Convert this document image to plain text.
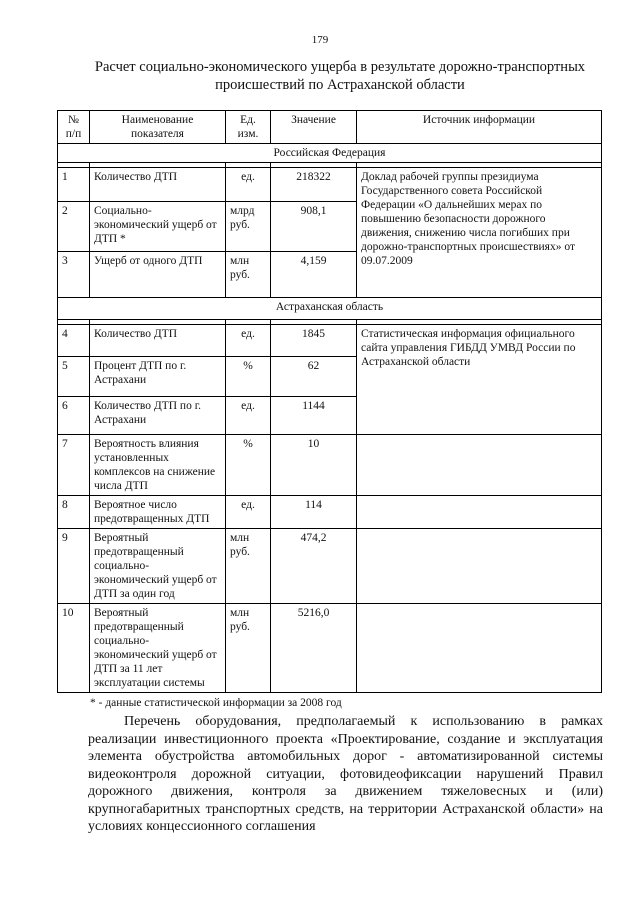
179
Расчет социально-экономического ущерба в результате дорожно-транспортных происшествий по Астраханской области
№ п/п	Наименование показателя	Ед. изм.	Значение	Источник информации
Российская Федерация				

1	Количество ДТП	ед.	218322	Доклад рабочей группы президиума Государственного совета Российской Федерации «О дальнейших мерах по повышению безопасности дорожного движения, снижению числа погибших при дорожно-транспортных происшествиях» от 09.07.2009
2	Социально-экономический ущерб от ДТП *	млрд руб.	908,1	
3	Ущерб от одного ДТП	млн руб.	4,159	
Астраханская область				

4	Количество ДТП	ед.	1845	Статистическая информация официального сайта управления ГИБДД УМВД России по Астраханской области
5	Процент ДТП по г. Астрахани	%	62	
6	Количество ДТП по г. Астрахани	ед.	1144	
7	Вероятность влияния установленных комплексов на снижение числа ДТП	%	10	
8	Вероятное число предотвращенных ДТП	ед.	114	
9	Вероятный предотвращенный социально-экономический ущерб от ДТП за один год	млн руб.	474,2	
10	Вероятный предотвращенный социально-экономический ущерб от ДТП за 11 лет эксплуатации системы	млн руб.	5216,0	
* - данные статистической информации за 2008 год
Перечень оборудования, предполагаемый к использованию в рамках реализации инвестиционного проекта «Проектирование, создание и эксплуатация элемента обустройства автомобильных дорог - автоматизированной системы видеоконтроля дорожной ситуации, фотовидеофиксации нарушений Правил дорожного движения, контроля за движением тяжеловесных и (или) крупногабаритных транспортных средств, на территории Астраханской области» на условиях концессионного соглашения
